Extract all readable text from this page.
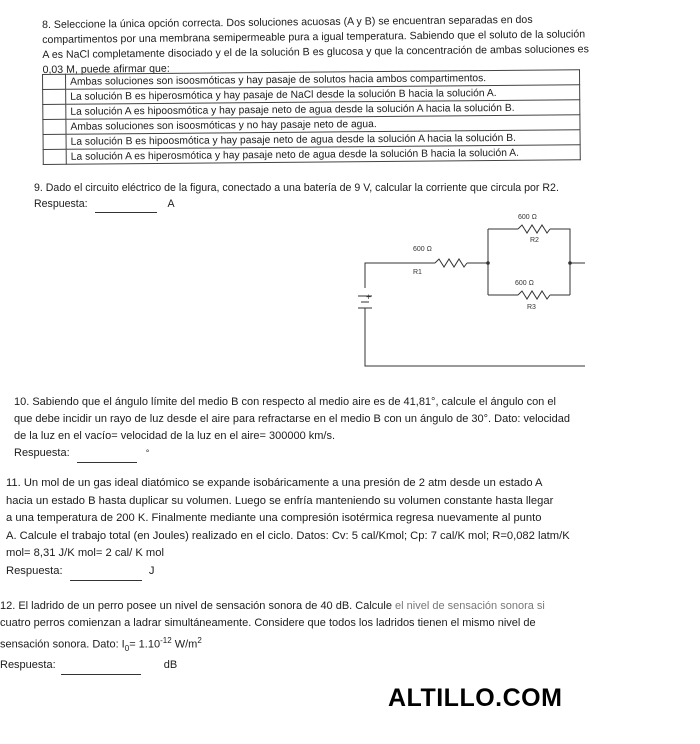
8. Seleccione la única opción correcta. Dos soluciones acuosas (A y B) se encuentran separadas en dos
compartimentos por una membrana semipermeable pura a igual temperatura. Sabiendo que el soluto de la solución
A es NaCl completamente disociado y el de la solución B es glucosa y que la concentración de ambas soluciones es
0,03 M, puede afirmar que:
	Ambas soluciones son isoosmóticas y hay pasaje de solutos hacia ambos compartimentos.
	La solución B es hiperosmótica y hay pasaje de NaCl desde la solución B hacia la solución A.
	La solución A es hipoosmótica y hay pasaje neto de agua desde la solución A hacia la solución B.
	Ambas soluciones son isoosmóticas y no hay pasaje neto de agua.
	La solución B es hipoosmótica y hay pasaje neto de agua desde la solución A hacia la solución B.
	La solución A es hiperosmótica y hay pasaje neto de agua desde la solución B hacia la solución A.
9. Dado el circuito eléctrico de la figura, conectado a una batería de 9 V, calcular la corriente que circula por R2.
Respuesta:	A
600 Ω
R2
600 Ω
R1
600 Ω
R3
+
10. Sabiendo que el ángulo límite del medio B con respecto al medio aire es de 41,81°, calcule el ángulo con el
que debe incidir un rayo de luz desde el aire para refractarse en el medio B con un ángulo de 30°. Dato: velocidad
de la luz en el vacío= velocidad de la luz en el aire= 300000 km/s.
Respuesta:	°
11. Un mol de un gas ideal diatómico se expande isobáricamente a una presión de 2 atm desde un estado A
hacia un estado B hasta duplicar su volumen. Luego se enfría manteniendo su volumen constante hasta llegar
a una temperatura de 200 K. Finalmente mediante una compresión isotérmica regresa nuevamente al punto
A. Calcule el trabajo total (en Joules) realizado en el ciclo. Datos: Cv: 5 cal/Kmol; Cp: 7 cal/K mol; R=0,082 latm/K
mol= 8,31 J/K mol= 2 cal/ K mol
Respuesta:	J
12. El ladrido de un perro posee un nivel de sensación sonora de 40 dB. Calcule el nivel de sensación sonora si
cuatro perros comienzan a ladrar simultáneamente. Considere que todos los ladridos tienen el mismo nivel de
sensación sonora. Dato: $I_0= 1.10^{-12}$ $W/m^2$
Respuesta:	dB
ALTILLO.COM
